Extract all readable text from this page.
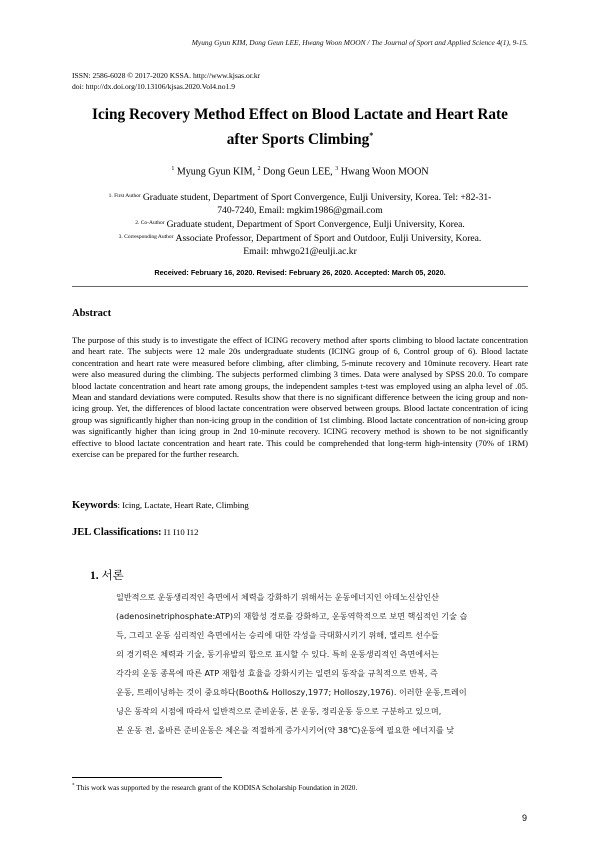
Myung Gyun KIM, Dong Geun LEE, Hwang Woon MOON / The Journal of Sport and Applied Science 4(1), 9-15.
ISSN: 2586-6028 © 2017-2020 KSSA. http://www.kjsas.or.kr
doi: http://dx.doi.org/10.13106/kjsas.2020.Vol4.no1.9
Icing Recovery Method Effect on Blood Lactate and Heart Rate
after Sports Climbing*
$^1$ Myung Gyun KIM, $^2$ Dong Geun LEE, $^3$ Hwang Woon MOON
$^{1. First Author}$ Graduate student, Department of Sport Convergence, Eulji University, Korea. Tel: +82-31-
740-7240, Email: mgkim1986@gmail.com
$^{2. Co-Author}$ Graduate student, Department of Sport Convergence, Eulji University, Korea.
$^{3. Corresponding Author}$ Associate Professor, Department of Sport and Outdoor, Eulji University, Korea.
Email: mhwgo21@eulji.ac.kr
Received: February 16, 2020. Revised: February 26, 2020. Accepted: March 05, 2020.
Abstract
The purpose of this study is to investigate the effect of ICING recovery method after sports climbing to blood lactate concentration and heart rate. The subjects were 12 male 20s undergraduate students (ICING group of 6, Control group of 6). Blood lactate concentration and heart rate were measured before climbing, after climbing, 5-minute recovery and 10minute recovery. Heart rate were also measured during the climbing. The subjects performed climbing 3 times. Data were analysed by SPSS 20.0. To compare blood lactate concentration and heart rate among groups, the independent samples t-test was employed using an alpha level of .05. Mean and standard deviations were computed. Results show that there is no significant difference between the icing group and non-icing group. Yet, the differences of blood lactate concentration were observed between groups. Blood lactate concentration of icing group was significantly higher than non-icing group in the condition of 1st climbing. Blood lactate concentration of non-icing group was significantly higher than icing group in 2nd 10-minute recovery. ICING recovery method is shown to be not significantly effective to blood lactate concentration and heart rate. This could be comprehended that long-term high-intensity (70% of 1RM) exercise can be prepared for the further research.
Keywords: Icing, Lactate, Heart Rate, Climbing
JEL Classifications: I1 I10 I12
1. 서론
일반적으로 운동생리적인 측면에서 체력을 강화하기 위해서는 운동에너지인 아데노신삼인산
(adenosinetriphosphate:ATP)의 재합성 경로를 강화하고, 운동역학적으로 보면 핵심적인 기술 습
득, 그리고 운동 심리적인 측면에서는 승리에 대한 각성을 극대화시키기 위해, 엘리트 선수들
의 경기력은 체력과 기술, 동기유발의 합으로 표시할 수 있다. 특히 운동생리적인 측면에서는
각각의 운동 종목에 따른 ATP 재합성 효율을 강화시키는 일련의 동작을 규칙적으로 반복, 즉
운동, 트레이닝하는 것이 중요하다(Booth& Holloszy,1977; Holloszy,1976). 이러한 운동,트레이
닝은 동작의 시점에 따라서 일반적으로 준비운동, 본 운동, 정리운동 등으로 구분하고 있으며,
본 운동 전, 올바른 준비운동은 체온을 적절하게 증가시키어(약 38℃)운동에 필요한 에너지를 낮
* This work was supported by the research grant of the KODISA Scholarship Foundation in 2020.
9
